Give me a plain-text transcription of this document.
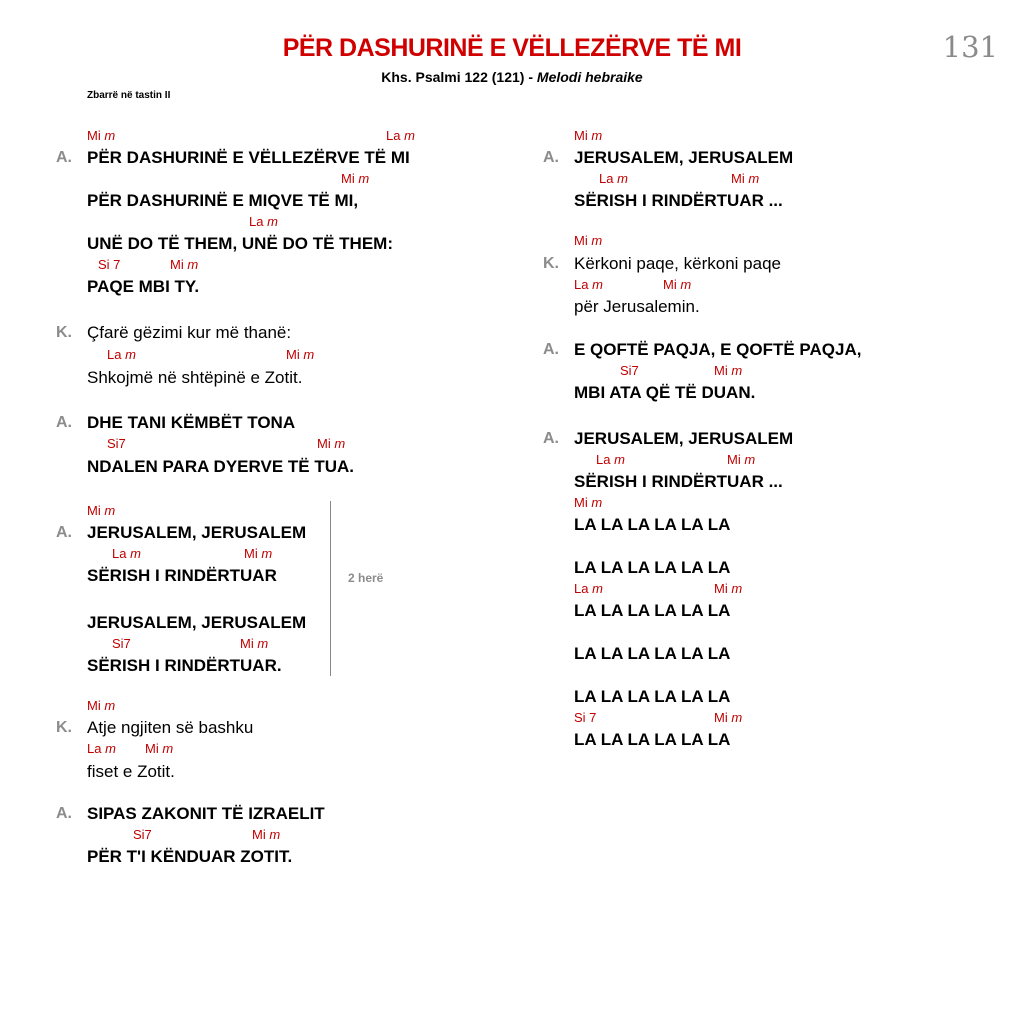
PËR DASHURINË E VËLLEZËRVE TË MI
Khs. Psalmi 122 (121) - Melodi hebraike
131
Zbarrë në tastin II
Mi m	La m
A. PËR DASHURINË E VËLLEZËRVE TË MI
Mi m
PËR DASHURINË E MIQVE TË MI,
La m
UNË DO TË THEM, UNË DO TË THEM:
Si 7	Mi m
PAQE MBI TY.
K. Çfarë gëzimi kur më thanë:
La m	Mi m
Shkojmë në shtëpinë e Zotit.
A. DHE TANI KËMBËT TONA
Si7	Mi m
NDALEN PARA DYERVE TË TUA.
Mi m
A. JERUSALEM, JERUSALEM
La m	Mi m
SËRISH I RINDËRTUAR
JERUSALEM, JERUSALEM
Si7	Mi m
SËRISH I RINDËRTUAR.
2 herë
Mi m
K. Atje ngjiten së bashku
La m Mi m
fiset e Zotit.
A. SIPAS ZAKONIT TË IZRAELIT
Si7	Mi m
PËR T'I KËNDUAR ZOTIT.
Mi m
A. JERUSALEM, JERUSALEM
La m	Mi m
SËRISH I RINDËRTUAR ...
Mi m
K. Kërkoni paqe, kërkoni paqe
La m	Mi m
për Jerusalemin.
A. E QOFTË PAQJA, E QOFTË PAQJA,
Si7	Mi m
MBI ATA QË TË DUAN.
A. JERUSALEM, JERUSALEM
La m	Mi m
SËRISH I RINDËRTUAR ...
Mi m
LA LA LA LA LA LA
LA LA LA LA LA LA
La m	Mi m
LA LA LA LA LA LA
LA LA LA LA LA LA
LA LA LA LA LA LA
Si 7	Mi m
LA LA LA LA LA LA
